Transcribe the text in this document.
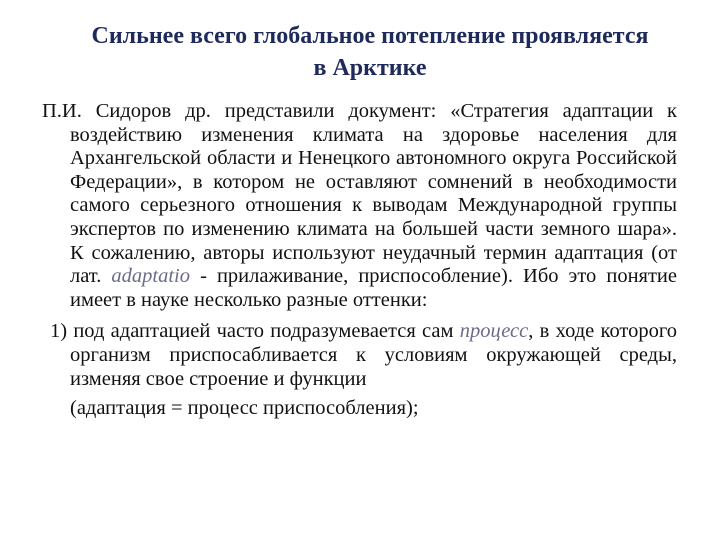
Сильнее всего глобальное потепление проявляется
в Арктике

П.И. Сидоров др. представили документ: «Стратегия адаптации к воздействию изменения климата на здоровье населения для Архангельской области и Ненецкого автономного округа Российской Федерации», в котором не оставляют сомнений в необходимости самого серьезного отношения к выводам Международной группы экспертов по изменению климата на большей части земного шара». К сожалению, авторы используют неудачный термин адаптация (от лат. adaptatio - прилаживание, приспособление). Ибо это понятие имеет в науке несколько разные оттенки:

1) под адаптацией часто подразумевается сам процесс, в ходе которого организм приспосабливается к условиям окружающей среды, изменяя свое строение и функции
(адаптация = процесс приспособления);
